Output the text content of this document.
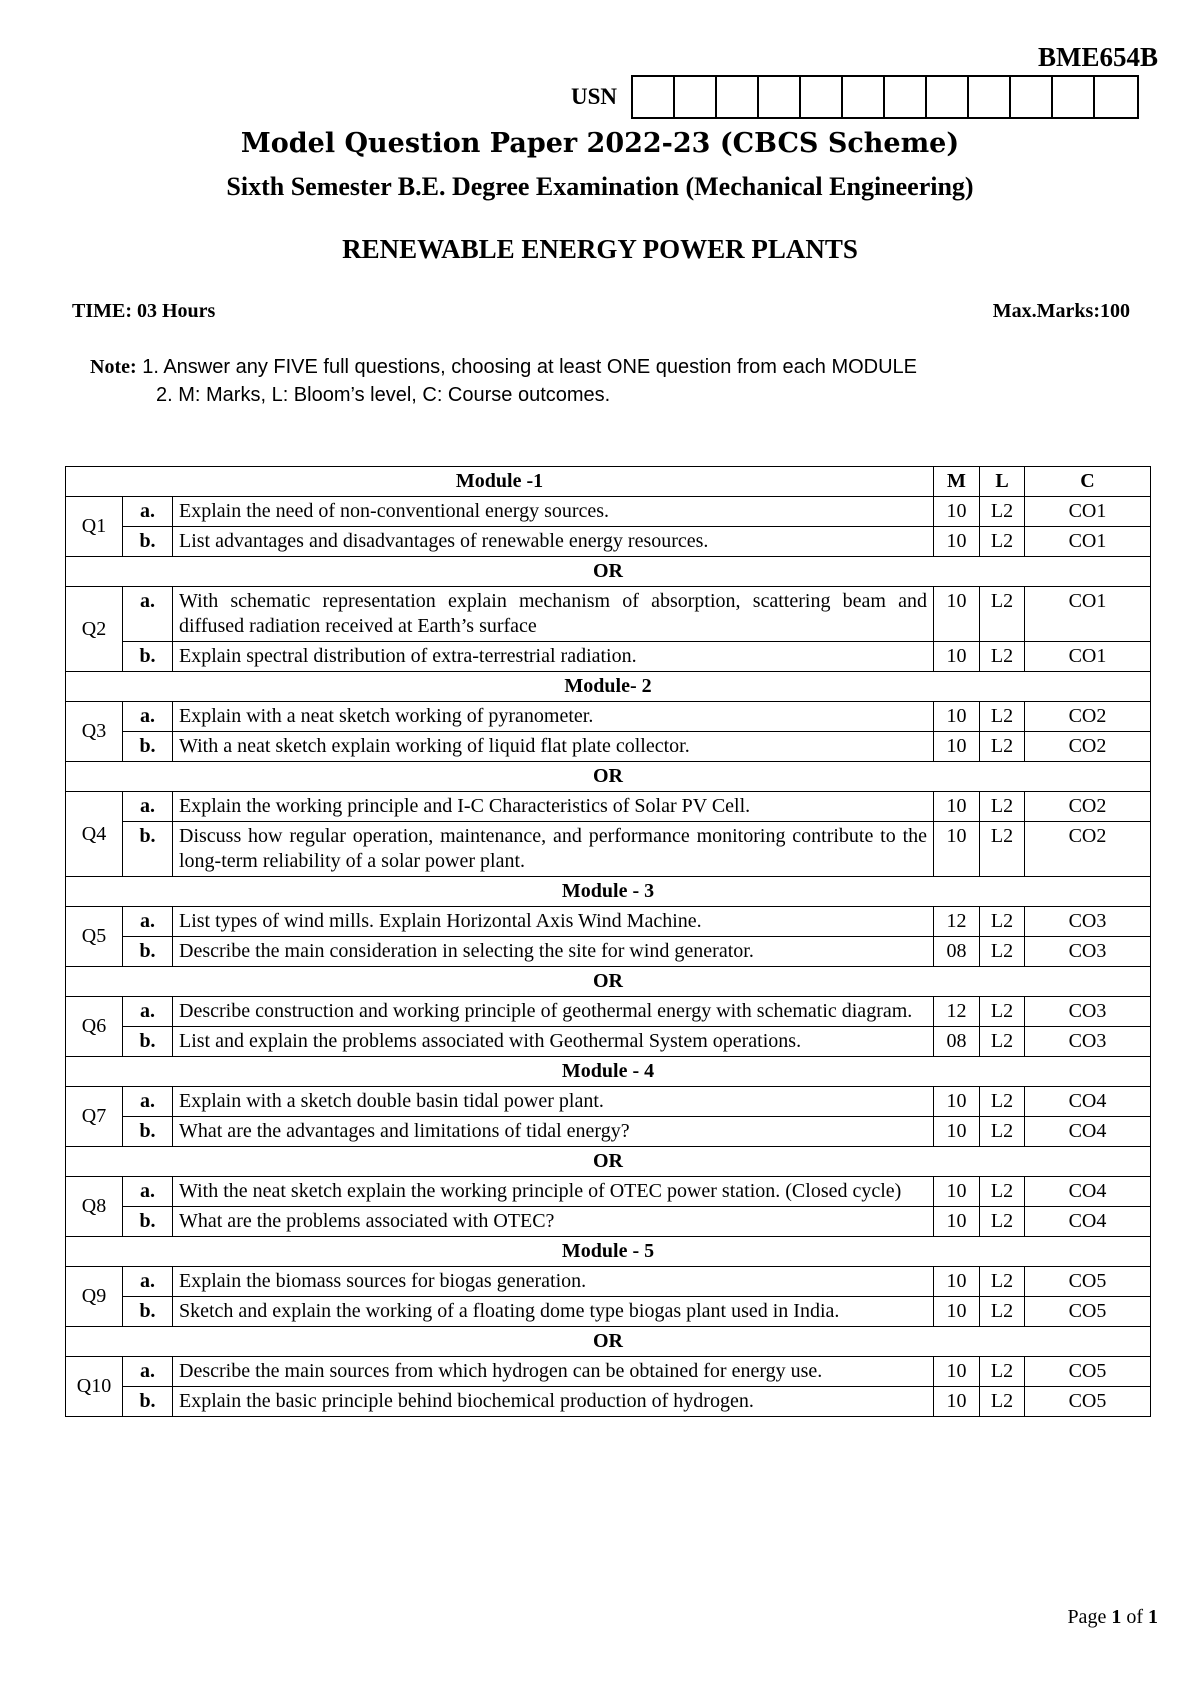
BME654B
USN
Model Question Paper 2022-23 (CBCS Scheme)
Sixth Semester B.E. Degree Examination (Mechanical Engineering)
RENEWABLE ENERGY POWER PLANTS
TIME: 03 Hours	Max.Marks:100
Note: 1. Answer any FIVE full questions, choosing at least ONE question from each MODULE
2. M: Marks, L: Bloom’s level, C: Course outcomes.
Module -1			M	L	C
Q1	a.	Explain the need of non-conventional energy sources.	10	L2	CO1
	b.	List advantages and disadvantages of renewable energy resources.	10	L2	CO1
OR					
Q2	a.	With schematic representation explain mechanism of absorption, scattering beam and diffused radiation received at Earth’s surface	10	L2	CO1
	b.	Explain spectral distribution of extra-terrestrial radiation.	10	L2	CO1
Module- 2					
Q3	a.	Explain with a neat sketch working of pyranometer.	10	L2	CO2
	b.	With a neat sketch explain working of liquid flat plate collector.	10	L2	CO2
OR					
Q4	a.	Explain the working principle and I-C Characteristics of Solar PV Cell.	10	L2	CO2
	b.	Discuss how regular operation, maintenance, and performance monitoring contribute to the long-term reliability of a solar power plant.	10	L2	CO2
Module - 3					
Q5	a.	List types of wind mills. Explain Horizontal Axis Wind Machine.	12	L2	CO3
	b.	Describe the main consideration in selecting the site for wind generator.	08	L2	CO3
OR					
Q6	a.	Describe construction and working principle of geothermal energy with schematic diagram.	12	L2	CO3
	b.	List and explain the problems associated with Geothermal System operations.	08	L2	CO3
Module - 4					
Q7	a.	Explain with a sketch double basin tidal power plant.	10	L2	CO4
	b.	What are the advantages and limitations of tidal energy?	10	L2	CO4
OR					
Q8	a.	With the neat sketch explain the working principle of OTEC power station. (Closed cycle)	10	L2	CO4
	b.	What are the problems associated with OTEC?	10	L2	CO4
Module - 5					
Q9	a.	Explain the biomass sources for biogas generation.	10	L2	CO5
	b.	Sketch and explain the working of a floating dome type biogas plant used in India.	10	L2	CO5
OR					
Q10	a.	Describe the main sources from which hydrogen can be obtained for energy use.	10	L2	CO5
	b.	Explain the basic principle behind biochemical production of hydrogen.	10	L2	CO5
Page 1 of 1
